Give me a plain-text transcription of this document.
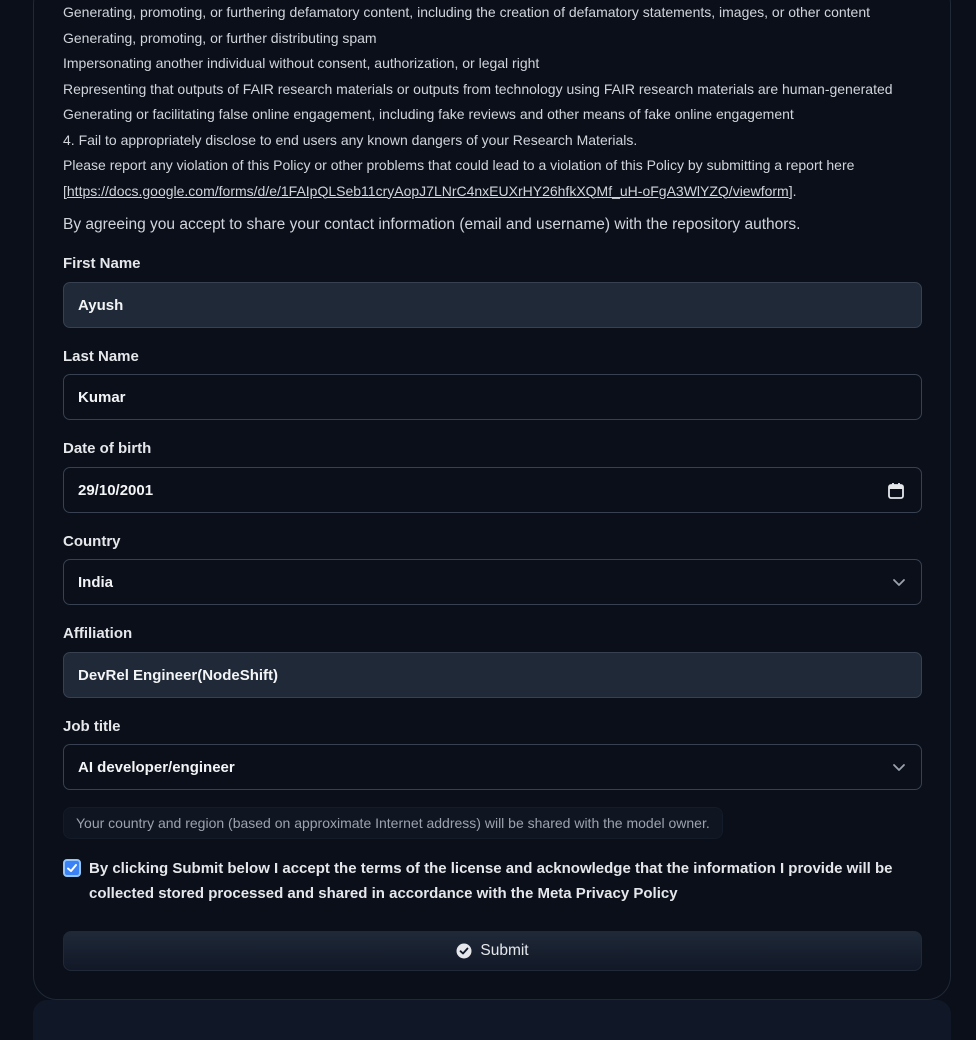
Generating, promoting, or furthering defamatory content, including the creation of defamatory statements, images, or other content
Generating, promoting, or further distributing spam
Impersonating another individual without consent, authorization, or legal right
Representing that outputs of FAIR research materials or outputs from technology using FAIR research materials are human-generated
Generating or facilitating false online engagement, including fake reviews and other means of fake online engagement
4. Fail to appropriately disclose to end users any known dangers of your Research Materials.
Please report any violation of this Policy or other problems that could lead to a violation of this Policy by submitting a report here
[https://docs.google.com/forms/d/e/1FAIpQLSeb11cryAopJ7LNrC4nxEUXrHY26hfkXQMf_uH-oFgA3WlYZQ/viewform].
By agreeing you accept to share your contact information (email and username) with the repository authors.
First Name
Ayush
Last Name
Kumar
Date of birth
29/10/2001
Country
India
Affiliation
DevRel Engineer(NodeShift)
Job title
AI developer/engineer
Your country and region (based on approximate Internet address) will be shared with the model owner.
By clicking Submit below I accept the terms of the license and acknowledge that the information I provide will be collected stored processed and shared in accordance with the Meta Privacy Policy
Submit
